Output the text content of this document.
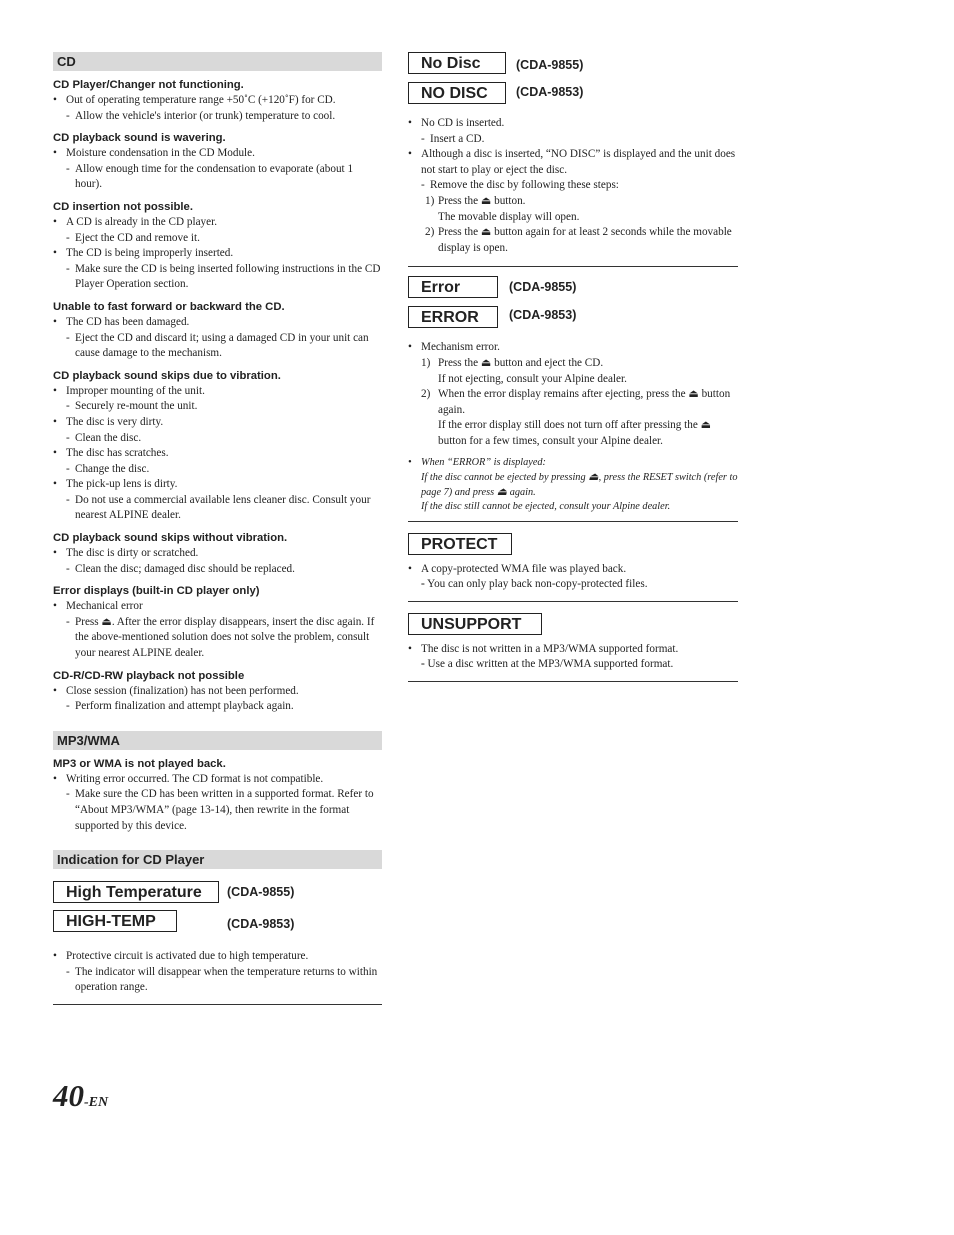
CD
CD Player/Changer not functioning.
• Out of operating temperature range +50˚C (+120˚F) for CD.
- Allow the vehicle's interior (or trunk) temperature to cool.
CD playback sound is wavering.
• Moisture condensation in the CD Module.
- Allow enough time for the condensation to evaporate (about 1 hour).
CD insertion not possible.
• A CD is already in the CD player.
- Eject the CD and remove it.
• The CD is being improperly inserted.
- Make sure the CD is being inserted following instructions in the CD Player Operation section.
Unable to fast forward or backward the CD.
• The CD has been damaged.
- Eject the CD and discard it; using a damaged CD in your unit can cause damage to the mechanism.
CD playback sound skips due to vibration.
• Improper mounting of the unit.
- Securely re-mount the unit.
• The disc is very dirty.
- Clean the disc.
• The disc has scratches.
- Change the disc.
• The pick-up lens is dirty.
- Do not use a commercial available lens cleaner disc. Consult your nearest ALPINE dealer.
CD playback sound skips without vibration.
• The disc is dirty or scratched.
- Clean the disc; damaged disc should be replaced.
Error displays (built-in CD player only)
• Mechanical error
- Press ⏏. After the error display disappears, insert the disc again. If the above-mentioned solution does not solve the problem, consult your nearest ALPINE dealer.
CD-R/CD-RW playback not possible
• Close session (finalization) has not been performed.
- Perform finalization and attempt playback again.
MP3/WMA
MP3 or WMA is not played back.
• Writing error occurred. The CD format is not compatible.
- Make sure the CD has been written in a supported format. Refer to “About MP3/WMA” (page 13-14), then rewrite in the format supported by this device.
Indication for CD Player
High Temperature	(CDA-9855)
HIGH-TEMP	(CDA-9853)
• Protective circuit is activated due to high temperature.
- The indicator will disappear when the temperature returns to within operation range.
No Disc	(CDA-9855)
NO DISC	(CDA-9853)
• No CD is inserted.
- Insert a CD.
• Although a disc is inserted, “NO DISC” is displayed and the unit does not start to play or eject the disc.
- Remove the disc by following these steps:
1) Press the ⏏ button.
The movable display will open.
2) Press the ⏏ button again for at least 2 seconds while the movable display is open.
Error	(CDA-9855)
ERROR	(CDA-9853)
• Mechanism error.
1) Press the ⏏ button and eject the CD.
If not ejecting, consult your Alpine dealer.
2) When the error display remains after ejecting, press the ⏏ button again.
If the error display still does not turn off after pressing the ⏏ button for a few times, consult your Alpine dealer.
• When “ERROR” is displayed:
If the disc cannot be ejected by pressing ⏏, press the RESET switch (refer to page 7) and press ⏏ again.
If the disc still cannot be ejected, consult your Alpine dealer.
PROTECT
• A copy-protected WMA file was played back.
- - You can only play back non-copy-protected files.
UNSUPPORT
• The disc is not written in a MP3/WMA supported format.
- - Use a disc written at the MP3/WMA supported format.
40-EN
